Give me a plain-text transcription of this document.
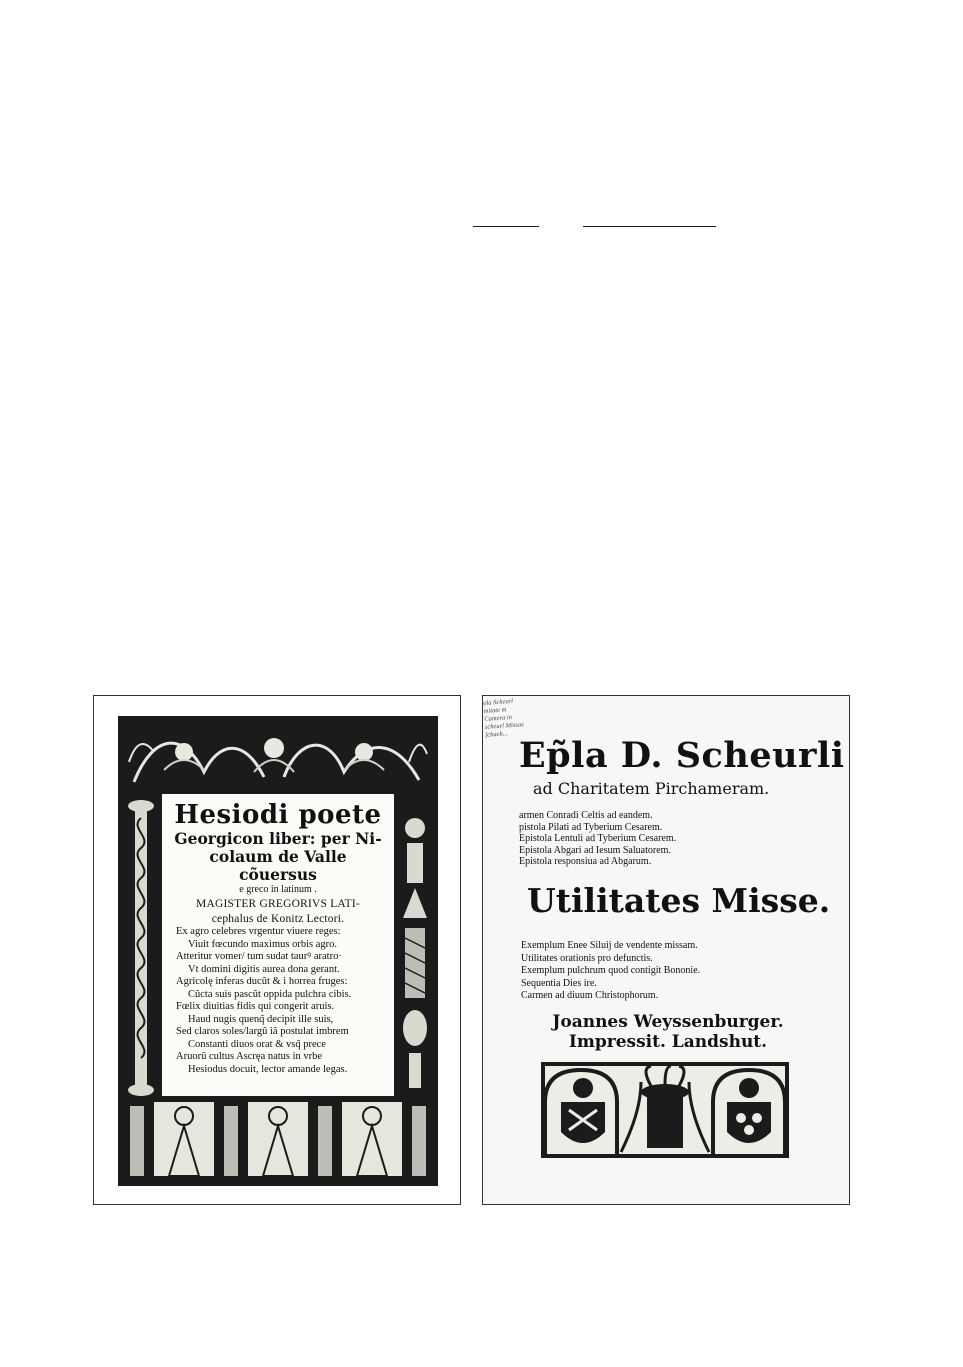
Hesiodi poete

Georgicon liber: per Ni-

colaum de Valle cõuersus

e greco in latinum .

MAGISTER GREGORIVS LATI-

cephalus de Konitz Lectori.

Ex agro celebres vrgentur viuere reges:

Viuit fœcundo maximus orbis agro.

Atteritur vomer/ tum sudat taurꝰ aratro·

Vt domini digitis aurea dona gerant.

Agricolę inferas ducũt & i horrea fruges:

Cũcta suis pascũt oppida pulchra cibis.

Fœlix diuitias fidis qui congerit aruis.

Haud nugis quenq̃ decipit ille suis,

Sed claros soles/largũ iã postulat imbrem

Constanti diuos orat & vsq̃ prece

Aruorũ cultus Ascręa natus in vrbe

Hesiodus docuit, lector amande legas.

ola Scheurl
mitate m
Camera in
scheurl Missas
ſchaeb...

Ep̃la D. Scheurli

ad Charitatem Pirchameram.

armen Conradi Celtis ad eandem.
pistola Pilati ad Tyberium Cesarem.
Epistola Lentuli ad Tyberium Cesarem.
Epistola Abgari ad Iesum Saluatorem.
Epistola responsiua ad Abgarum.

Utilitates Misse.

Exemplum Enee Siluij de vendente missam.
Utilitates orationis pro defunctis.
Exemplum pulchrum quod contigit Bononie.
Sequentia Dies ire.
Carmen ad diuum Christophorum.

Joannes Weyssenburger.
Impressit. Landshut.
